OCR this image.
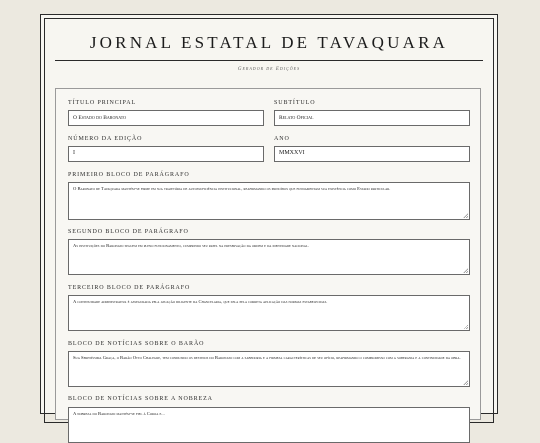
JORNAL ESTATAL DE TAVAQUARA
Gerador de Edições
TÍTULO PRINCIPAL
O Estado do Baronato
SUBTÍTULO
Relato Oficial
NÚMERO DA EDIÇÃO
I
ANO
MMXXVI
PRIMEIRO BLOCO DE PARÁGRAFO
O Baronato de Tavaquara mantém-se firme em sua trajetória de autossuficiência institucional, reafirmando os princípios que fundamentam sua existência como Estado particular.
SEGUNDO BLOCO DE PARÁGRAFO
As instituições do Baronato seguem em pleno funcionamento, cumprindo seu papel na preservação da ordem e da identidade nacional.
TERCEIRO BLOCO DE PARÁGRAFO
A continuidade administrativa é assegurada pela atuação diligente da Chancelaria, que zela pela correta aplicação das normas estabelecidas.
BLOCO DE NOTÍCIAS SOBRE O BARÃO
Sua Sereníssima Graça, o Barão Otto Chalegre, tem conduzido os destinos do Baronato com a sabedoria e a firmeza características de seu ofício, reafirmando o compromisso com a soberania e a continuidade da obra.
BLOCO DE NOTÍCIAS SOBRE A NOBREZA
A nobreza do Baronato mantém-se fiel à Coroa e...
